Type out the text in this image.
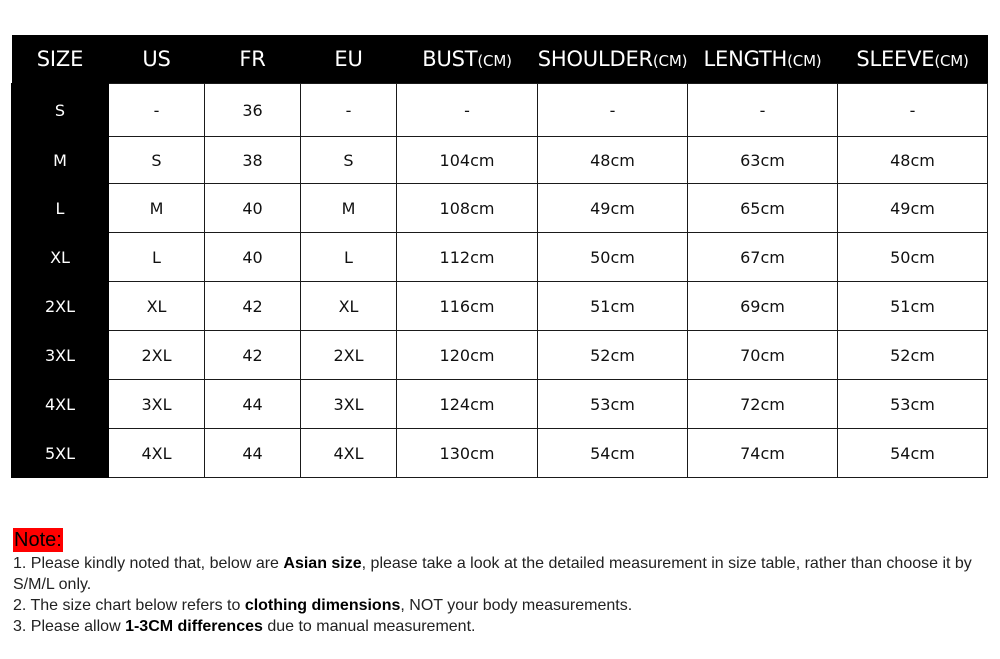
SIZE	US	FR	EU	BUST(CM)	SHOULDER(CM)	LENGTH(CM)	SLEEVE(CM)
S	-	36	-	-	-	-	-
M	S	38	S	104cm	48cm	63cm	48cm
L	M	40	M	108cm	49cm	65cm	49cm
XL	L	40	L	112cm	50cm	67cm	50cm
2XL	XL	42	XL	116cm	51cm	69cm	51cm
3XL	2XL	42	2XL	120cm	52cm	70cm	52cm
4XL	3XL	44	3XL	124cm	53cm	72cm	53cm
5XL	4XL	44	4XL	130cm	54cm	74cm	54cm
Note:

1. Please kindly noted that, below are Asian size, please take a look at the detailed measurement in size table, rather than choose it by S/M/L only.

2. The size chart below refers to clothing dimensions, NOT your body measurements.

3. Please allow 1-3CM differences due to manual measurement.
